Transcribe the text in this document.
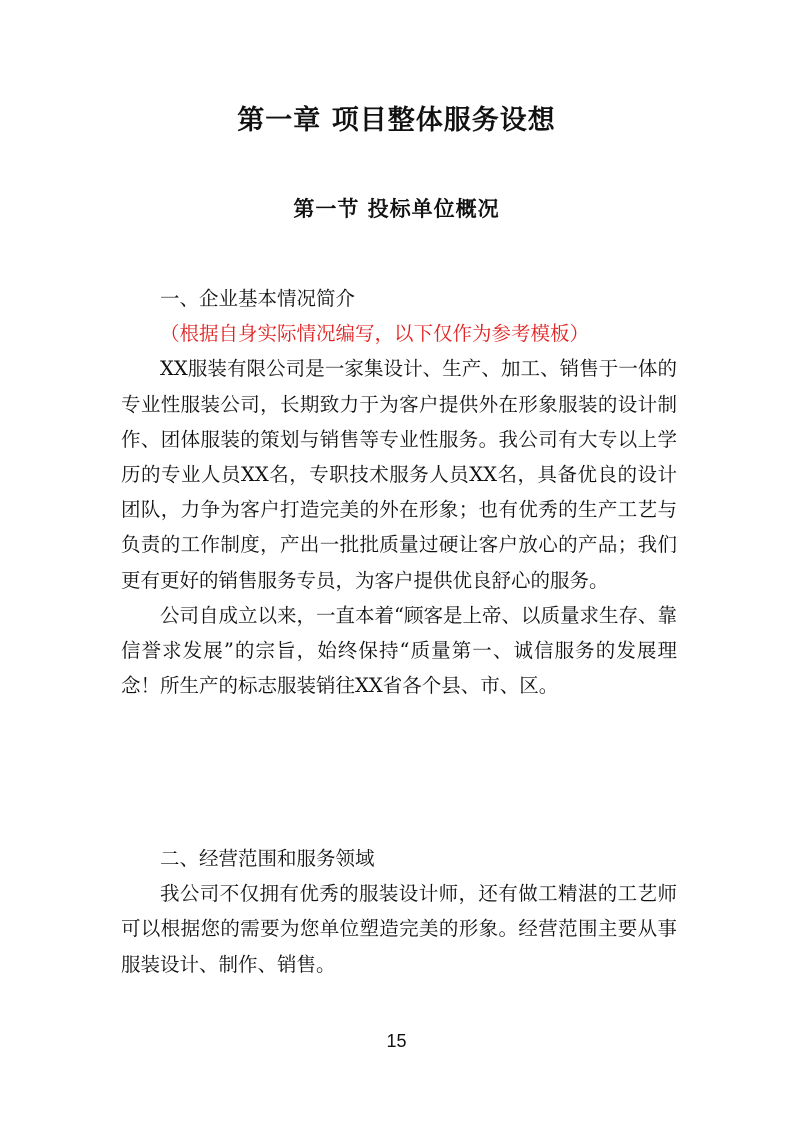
第一章 项目整体服务设想
第一节 投标单位概况

一、企业基本情况简介

（根据自身实际情况编写，以下仅作为参考模板）

XX服装有限公司是一家集设计、生产、加工、销售于一体的专业性服装公司，长期致力于为客户提供外在形象服装的设计制作、团体服装的策划与销售等专业性服务。我公司有大专以上学历的专业人员XX名，专职技术服务人员XX名，具备优良的设计团队，力争为客户打造完美的外在形象；也有优秀的生产工艺与负责的工作制度，产出一批批质量过硬让客户放心的产品；我们更有更好的销售服务专员，为客户提供优良舒心的服务。

公司自成立以来，一直本着“顾客是上帝、以质量求生存、靠信誉求发展”的宗旨，始终保持“质量第一、诚信服务的发展理念！所生产的标志服装销往XX省各个县、市、区。

二、经营范围和服务领域

我公司不仅拥有优秀的服装设计师，还有做工精湛的工艺师可以根据您的需要为您单位塑造完美的形象。经营范围主要从事服装设计、制作、销售。

15
